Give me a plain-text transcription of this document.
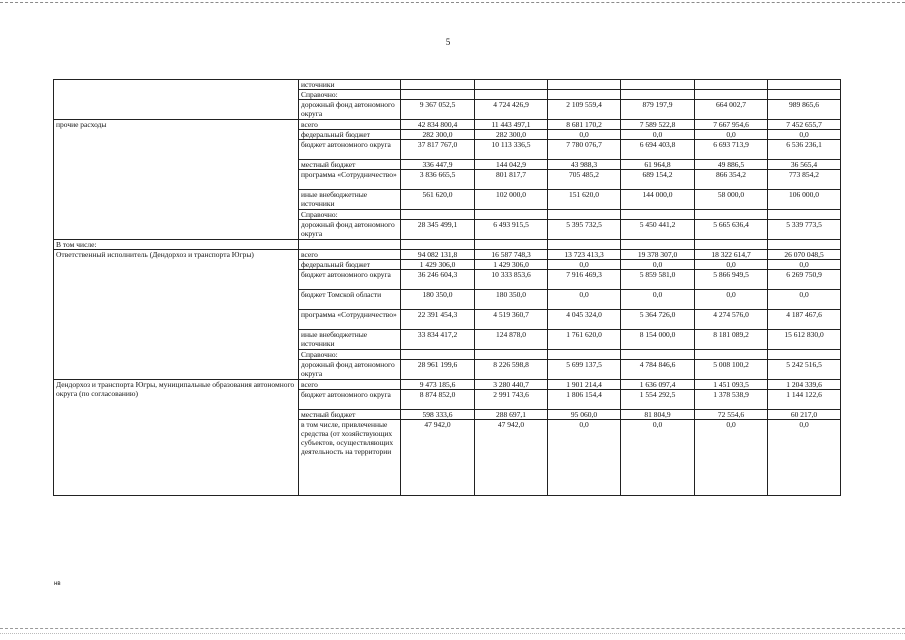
5
	источники						
	Справочно:						
	дорожный фонд автономного округа	9 367 052,5	4 724 426,9	2 109 559,4	879 197,9	664 002,7	989 865,6
прочие расходы	всего	42 834 800,4	11 443 497,1	8 681 170,2	7 589 522,8	7 667 954,6	7 452 655,7
	федеральный бюджет	282 300,0	282 300,0	0,0	0,0	0,0	0,0
	бюджет автономного округа	37 817 767,0	10 113 336,5	7 780 076,7	6 694 403,8	6 693 713,9	6 536 236,1
	местный бюджет	336 447,9	144 042,9	43 988,3	61 964,8	49 886,5	36 565,4
	программа «Сотрудничество»	3 836 665,5	801 817,7	705 485,2	689 154,2	866 354,2	773 854,2
	иные внебюджетные источники	561 620,0	102 000,0	151 620,0	144 000,0	58 000,0	106 000,0
	Справочно:						
	дорожный фонд автономного округа	28 345 499,1	6 493 915,5	5 395 732,5	5 450 441,2	5 665 636,4	5 339 773,5
В том числе:							
Ответственный исполнитель (Дендорхоз и транспорта Югры)	всего	94 082 131,8	16 587 748,3	13 723 413,3	19 378 307,0	18 322 614,7	26 070 048,5
	федеральный бюджет	1 429 306,0	1 429 306,0	0,0	0,0	0,0	0,0
	бюджет автономного округа	36 246 604,3	10 333 853,6	7 916 469,3	5 859 581,0	5 866 949,5	6 269 750,9
	бюджет Томской области	180 350,0	180 350,0	0,0	0,0	0,0	0,0
	программа «Сотрудничество»	22 391 454,3	4 519 360,7	4 045 324,0	5 364 726,0	4 274 576,0	4 187 467,6
	иные внебюджетные источники	33 834 417,2	124 878,0	1 761 620,0	8 154 000,0	8 181 089,2	15 612 830,0
	Справочно:						
	дорожный фонд автономного округа	28 961 199,6	8 226 598,8	5 699 137,5	4 784 846,6	5 008 100,2	5 242 516,5
Дендорхоз и транспорта Югры, муниципальные образования автономного округа (по согласованию)	всего	9 473 185,6	3 280 440,7	1 901 214,4	1 636 097,4	1 451 093,5	1 204 339,6
	бюджет автономного округа	8 874 852,0	2 991 743,6	1 806 154,4	1 554 292,5	1 378 538,9	1 144 122,6
	местный бюджет	598 333,6	288 697,1	95 060,0	81 804,9	72 554,6	60 217,0
	в том числе, привлеченные средства (от хозяйствующих субъектов, осуществляющих деятельность на территории	47 942,0	47 942,0	0,0	0,0	0,0	0,0
нв
